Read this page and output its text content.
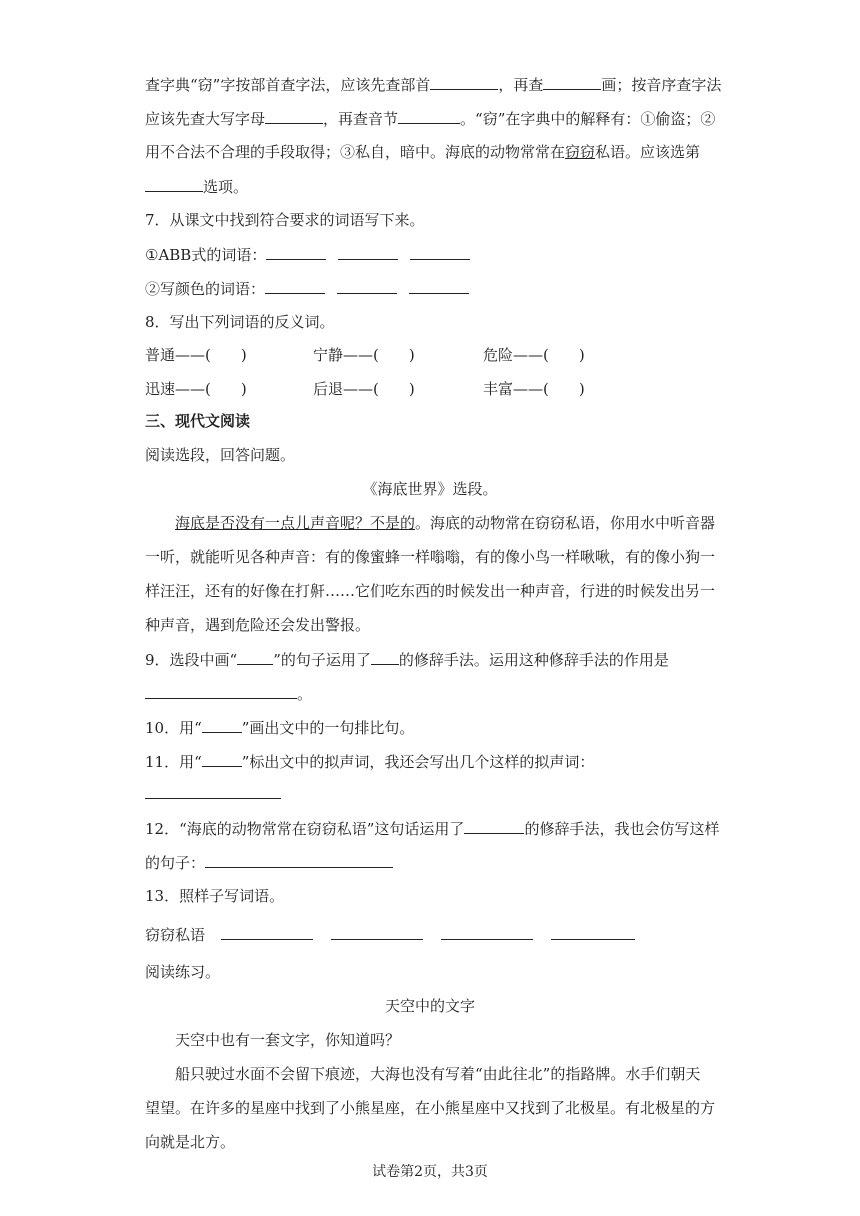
查字典“窃”字按部首查字法，应该先查部首	，再查	画；按音序查字法
应该先查大写字母	，再查音节	。“窃”在字典中的解释有：①偷盗；②
用不合法不合理的手段取得；③私自，暗中。海底的动物常常在窃窃私语。应该选第
选项。
7．从课文中找到符合要求的词语写下来。
①ABB式的词语：
②写颜色的词语：
8．写出下列词语的反义词。
普通——( )	宁静——( )	危险——( )
迅速——( )	后退——( )	丰富——( )
三、现代文阅读
阅读选段，回答问题。
《海底世界》选段。
海底是否没有一点儿声音呢？不是的。海底的动物常在窃窃私语，你用水中听音器
一听，就能听见各种声音：有的像蜜蜂一样嗡嗡，有的像小鸟一样啾啾，有的像小狗一
样汪汪，还有的好像在打鼾……它们吃东西的时候发出一种声音，行进的时候发出另一
种声音，遇到危险还会发出警报。
9．选段中画“ ”的句子运用了 的修辞手法。运用这种修辞手法的作用是
。
10．用“	”画出文中的一句排比句。
11．用“	”标出文中的拟声词，我还会写出几个这样的拟声词：
12．“海底的动物常常在窃窃私语”这句话运用了	的修辞手法，我也会仿写这样
的句子：
13．照样子写词语。
窃窃私语
阅读练习。
天空中的文字
天空中也有一套文字，你知道吗？
船只驶过水面不会留下痕迹，大海也没有写着“由此往北”的指路牌。水手们朝天
望望。在许多的星座中找到了小熊星座，在小熊星座中又找到了北极星。有北极星的方
向就是北方。
试卷第2页，共3页
